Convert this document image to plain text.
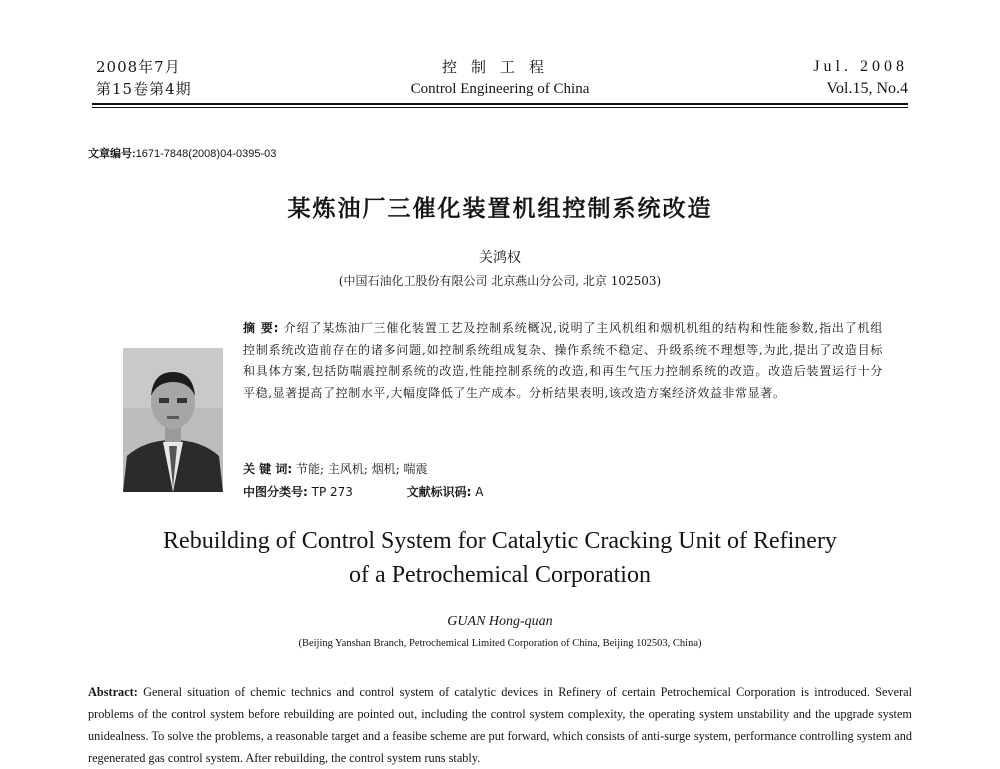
2008年7月
第15卷第4期
控制工程
Control Engineering of China
Jul. 2008
Vol.15, No.4
文章编号:1671-7848(2008)04-0395-03
某炼油厂三催化装置机组控制系统改造
关鸿权
(中国石油化工股份有限公司 北京燕山分公司, 北京 102503)
摘 要: 介绍了某炼油厂三催化装置工艺及控制系统概况,说明了主风机组和烟机机组的结构和性能参数,指出了机组控制系统改造前存在的诸多问题,如控制系统组成复杂、操作系统不稳定、升级系统不理想等,为此,提出了改造目标和具体方案,包括防喘震控制系统的改造,性能控制系统的改造,和再生气压力控制系统的改造。改造后装置运行十分平稳,显著提高了控制水平,大幅度降低了生产成本。分析结果表明,该改造方案经济效益非常显著。
关 键 词: 节能; 主风机; 烟机; 喘震
中图分类号: TP 273	文献标识码: A
Rebuilding of Control System for Catalytic Cracking Unit of Refinery
of a Petrochemical Corporation
GUAN Hong-quan
(Beijing Yanshan Branch, Petrochemical Limited Corporation of China, Beijing 102503, China)
Abstract: General situation of chemic technics and control system of catalytic devices in Refinery of certain Petrochemical Corporation is introduced. Several problems of the control system before rebuilding are pointed out, including the control system complexity, the operating system unstability and the upgrade system unidealness. To solve the problems, a reasonable target and a feasibe scheme are put forward, which consists of anti-surge system, performance controlling system and regenerated gas control system. After rebuilding, the control system runs stably.
